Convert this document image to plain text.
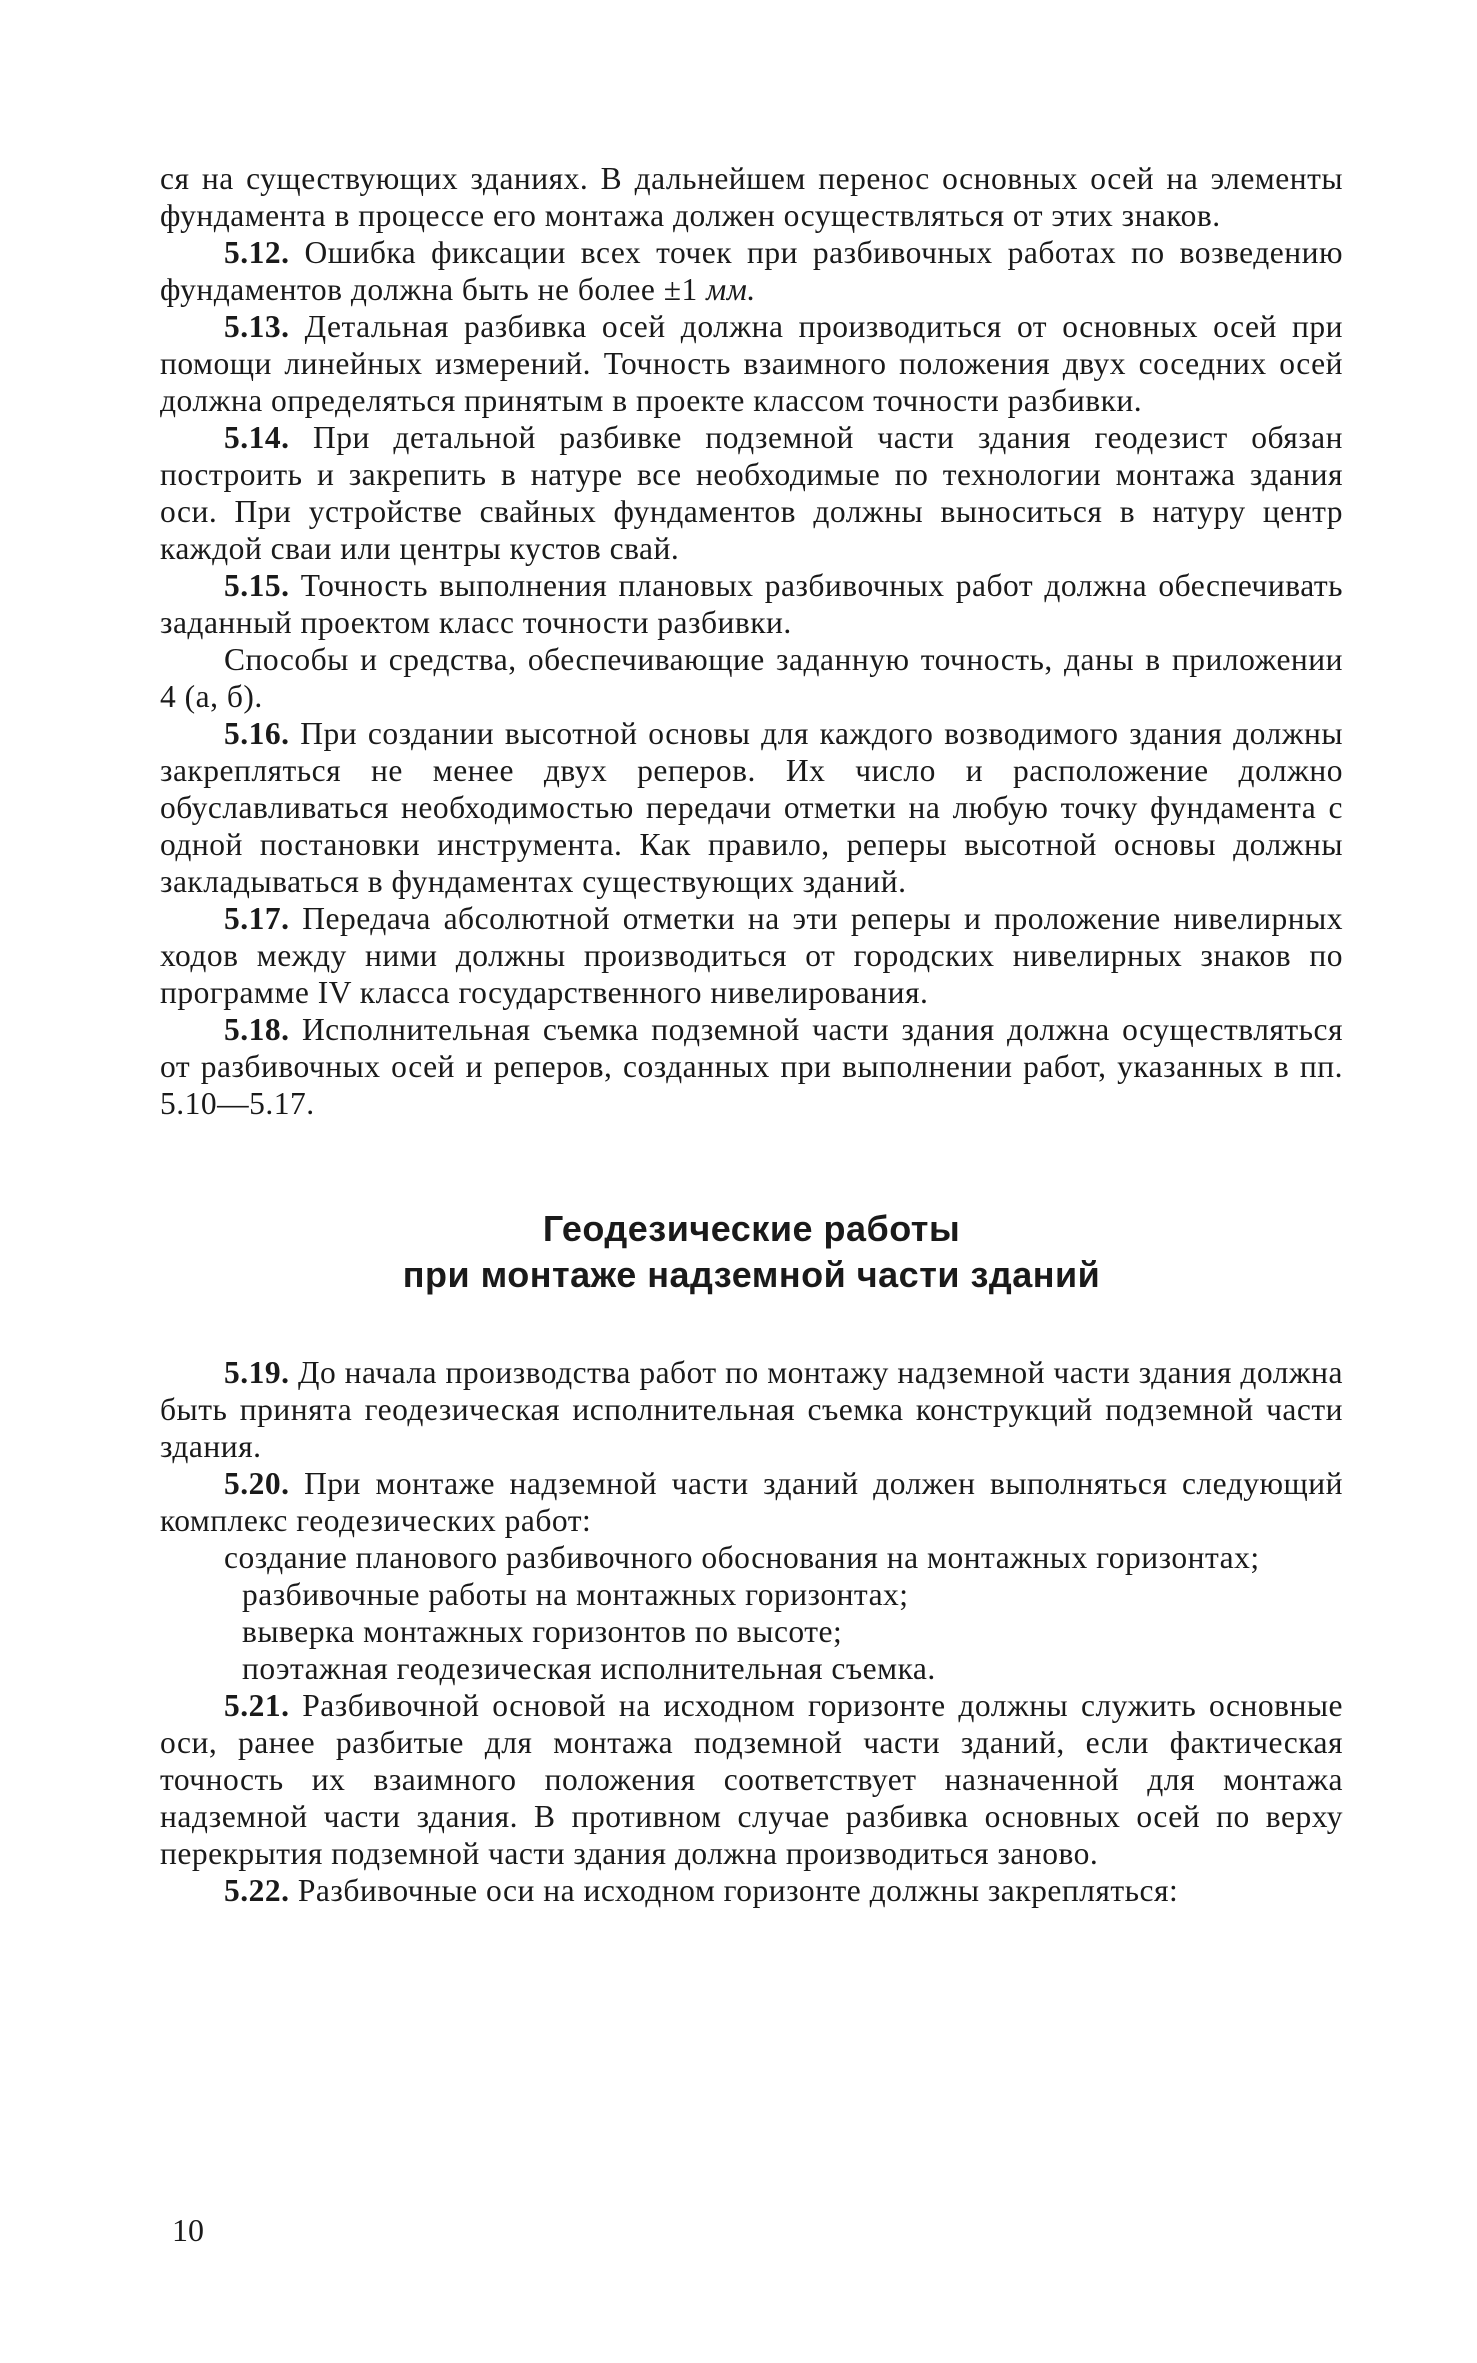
ся на существующих зданиях. В дальнейшем перенос основных осей на элементы фундамента в процессе его монтажа должен осуществляться от этих знаков.

5.12. Ошибка фиксации всех точек при разбивочных работах по возведению фундаментов должна быть не более ±1 мм.

5.13. Детальная разбивка осей должна производиться от основных осей при помощи линейных измерений. Точность взаимного положения двух соседних осей должна определяться принятым в проекте классом точности разбивки.

5.14. При детальной разбивке подземной части здания геодезист обязан построить и закрепить в натуре все необходимые по технологии монтажа здания оси. При устройстве свайных фундаментов должны выноситься в натуру центр каждой сваи или центры кустов свай.

5.15. Точность выполнения плановых разбивочных работ должна обеспечивать заданный проектом класс точности разбивки.

Способы и средства, обеспечивающие заданную точность, даны в приложении 4 (а, б).

5.16. При создании высотной основы для каждого возводимого здания должны закрепляться не менее двух реперов. Их число и расположение должно обуславливаться необходимостью передачи отметки на любую точку фундамента с одной постановки инструмента. Как правило, реперы высотной основы должны закладываться в фундаментах существующих зданий.

5.17. Передача абсолютной отметки на эти реперы и проложение нивелирных ходов между ними должны производиться от городских нивелирных знаков по программе IV класса государственного нивелирования.

5.18. Исполнительная съемка подземной части здания должна осуществляться от разбивочных осей и реперов, созданных при выполнении работ, указанных в пп. 5.10—5.17.

Геодезические работы
при монтаже надземной части зданий

5.19. До начала производства работ по монтажу надземной части здания должна быть принята геодезическая исполнительная съемка конструкций подземной части здания.

5.20. При монтаже надземной части зданий должен выполняться следующий комплекс геодезических работ:

создание планового разбивочного обоснования на монтажных горизонтах;

разбивочные работы на монтажных горизонтах;

выверка монтажных горизонтов по высоте;

поэтажная геодезическая исполнительная съемка.

5.21. Разбивочной основой на исходном горизонте должны служить основные оси, ранее разбитые для монтажа подземной части зданий, если фактическая точность их взаимного положения соответствует назначенной для монтажа надземной части здания. В противном случае разбивка основных осей по верху перекрытия подземной части здания должна производиться заново.

5.22. Разбивочные оси на исходном горизонте должны закрепляться:

10
